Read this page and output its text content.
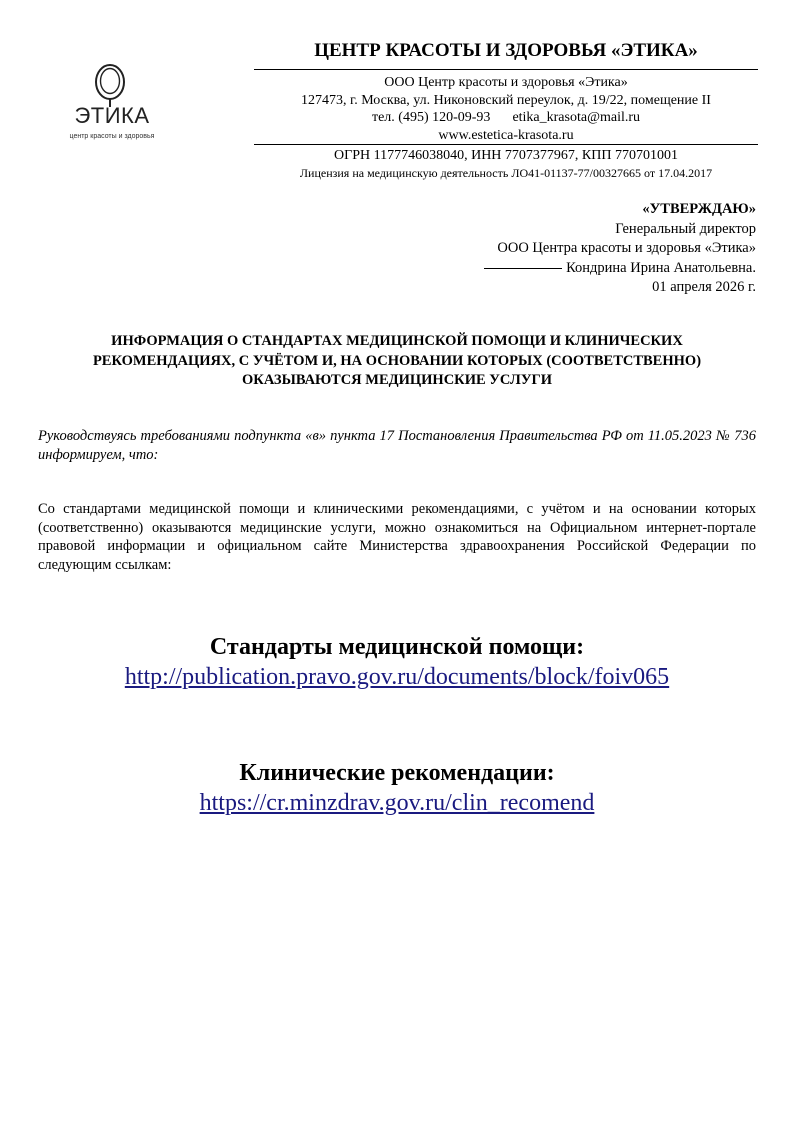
ЭТИКА
центр красоты и здоровья
ЦЕНТР КРАСОТЫ И ЗДОРОВЬЯ «ЭТИКА»
ООО Центр красоты и здоровья «Этика»
127473, г. Москва, ул. Никоновский переулок, д. 19/22, помещение II
тел. (495) 120-09-93 etika_krasota@mail.ru
www.estetica-krasota.ru
ОГРН 1177746038040, ИНН 7707377967, КПП 770701001
Лицензия на медицинскую деятельность ЛО41-01137-77/00327665 от 17.04.2017
«УТВЕРЖДАЮ»
Генеральный директор
ООО Центра красоты и здоровья «Этика»
Кондрина Ирина Анатольевна.
01 апреля 2026 г.
ИНФОРМАЦИЯ О СТАНДАРТАХ МЕДИЦИНСКОЙ ПОМОЩИ И КЛИНИЧЕСКИХ
РЕКОМЕНДАЦИЯХ, С УЧЁТОМ И, НА ОСНОВАНИИ КОТОРЫХ (СООТВЕТСТВЕННО)
ОКАЗЫВАЮТСЯ МЕДИЦИНСКИЕ УСЛУГИ
Руководствуясь требованиями подпункта «в» пункта 17 Постановления Правительства РФ от 11.05.2023 № 736 информируем, что:
Со стандартами медицинской помощи и клиническими рекомендациями, с учётом и на основании которых (соответственно) оказываются медицинские услуги, можно ознакомиться на Официальном интернет-портале правовой информации и официальном сайте Министерства здравоохранения Российской Федерации по следующим ссылкам:
Стандарты медицинской помощи:
http://publication.pravo.gov.ru/documents/block/foiv065
Клинические рекомендации:
https://cr.minzdrav.gov.ru/clin_recomend
